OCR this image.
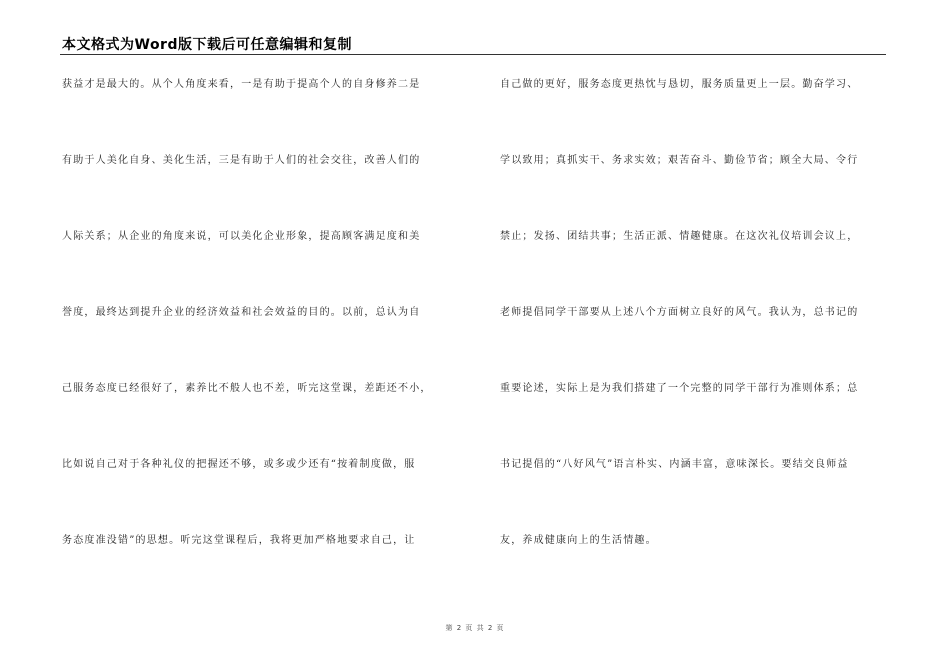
本文格式为Word版下载后可任意编辑和复制
获益才是最大的。从个人角度来看，一是有助于提高个人的自身修养二是
有助于人美化自身、美化生活，三是有助于人们的社会交往，改善人们的
人际关系；从企业的角度来说，可以美化企业形象，提高顾客满足度和美
誉度，最终达到提升企业的经济效益和社会效益的目的。以前，总认为自
己服务态度已经很好了，素养比不般人也不差，听完这堂课，差距还不小，
比如说自己对于各种礼仪的把握还不够，或多或少还有“按着制度做，服
务态度准没错”的思想。听完这堂课程后，我将更加严格地要求自己，让
自己做的更好，服务态度更热忱与恳切，服务质量更上一层。勤奋学习、
学以致用；真抓实干、务求实效；艰苦奋斗、勤俭节省；顾全大局、令行
禁止；发扬、团结共事；生活正派、情趣健康。在这次礼仪培训会议上，
老师提倡同学干部要从上述八个方面树立良好的风气。我认为，总书记的
重要论述，实际上是为我们搭建了一个完整的同学干部行为准则体系；总
书记提倡的“八好风气”语言朴实、内涵丰富，意味深长。要结交良师益
友，养成健康向上的生活情趣。
第 2 页 共 2 页
